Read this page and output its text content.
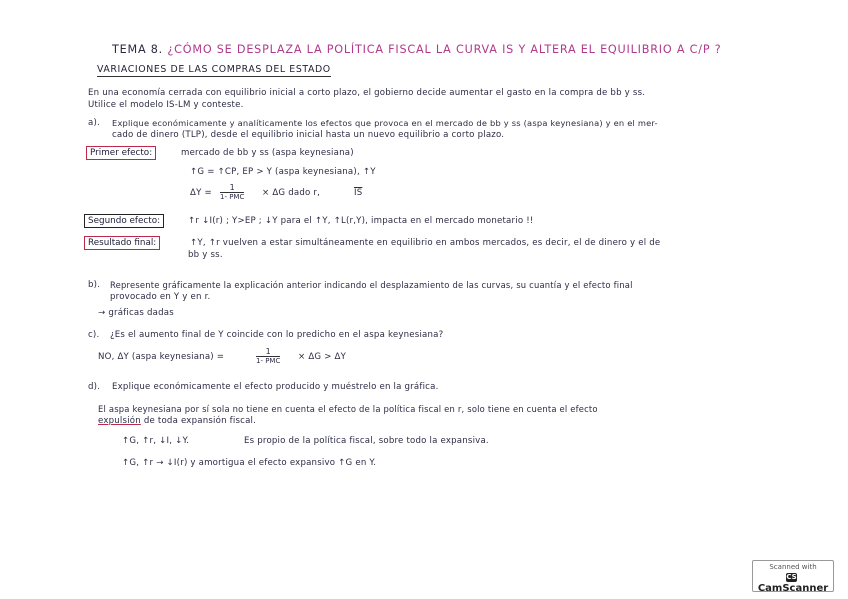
TEMA 8. ¿CÓMO SE DESPLAZA LA POLÍTICA FISCAL LA CURVA IS Y ALTERA EL EQUILIBRIO A C/P ?
VARIACIONES DE LAS COMPRAS DEL ESTADO
En una economía cerrada con equilibrio inicial a corto plazo, el gobierno decide aumentar el gasto en la compra de bb y ss.
Utilice el modelo IS-LM y conteste.
a). Explique económicamente y analíticamente los efectos que provoca en el mercado de bb y ss (aspa keynesiana) y en el mer-
cado de dinero (TLP), desde el equilibrio inicial hasta un nuevo equilibrio a corto plazo.
Primer efecto:	mercado de bb y ss (aspa keynesiana)
↑G = ↑CP, EP > Y (aspa keynesiana), ↑Y
ΔY =
1
1- PMC × ΔG dado r,	$\overline{IS}$
Segundo efecto:	↑r ↓I(r) ; Y>EP ; ↓Y para el ↑Y, ↑L(r,Y), impacta en el mercado monetario !!
Resultado final:	↑Y, ↑r vuelven a estar simultáneamente en equilibrio en ambos mercados, es decir, el de dinero y el de
bb y ss.
b). Represente gráficamente la explicación anterior indicando el desplazamiento de las curvas, su cuantía y el efecto final
provocado en Y y en r.
→ gráficas dadas
c). ¿Es el aumento final de Y coincide con lo predicho en el aspa keynesiana?
NO, ΔY (aspa keynesiana) =
1
1- PMC × ΔG > ΔY
d). Explique económicamente el efecto producido y muéstrelo en la gráfica.
El aspa keynesiana por sí sola no tiene en cuenta el efecto de la política fiscal en r, solo tiene en cuenta el efecto
expulsión de toda expansión fiscal.
↑G, ↑r, ↓I, ↓Y.	Es propio de la política fiscal, sobre todo la expansiva.
↑G, ↑r → ↓I(r) y amortigua el efecto expansivo ↑G en Y.
Scanned with
CSCamScanner
